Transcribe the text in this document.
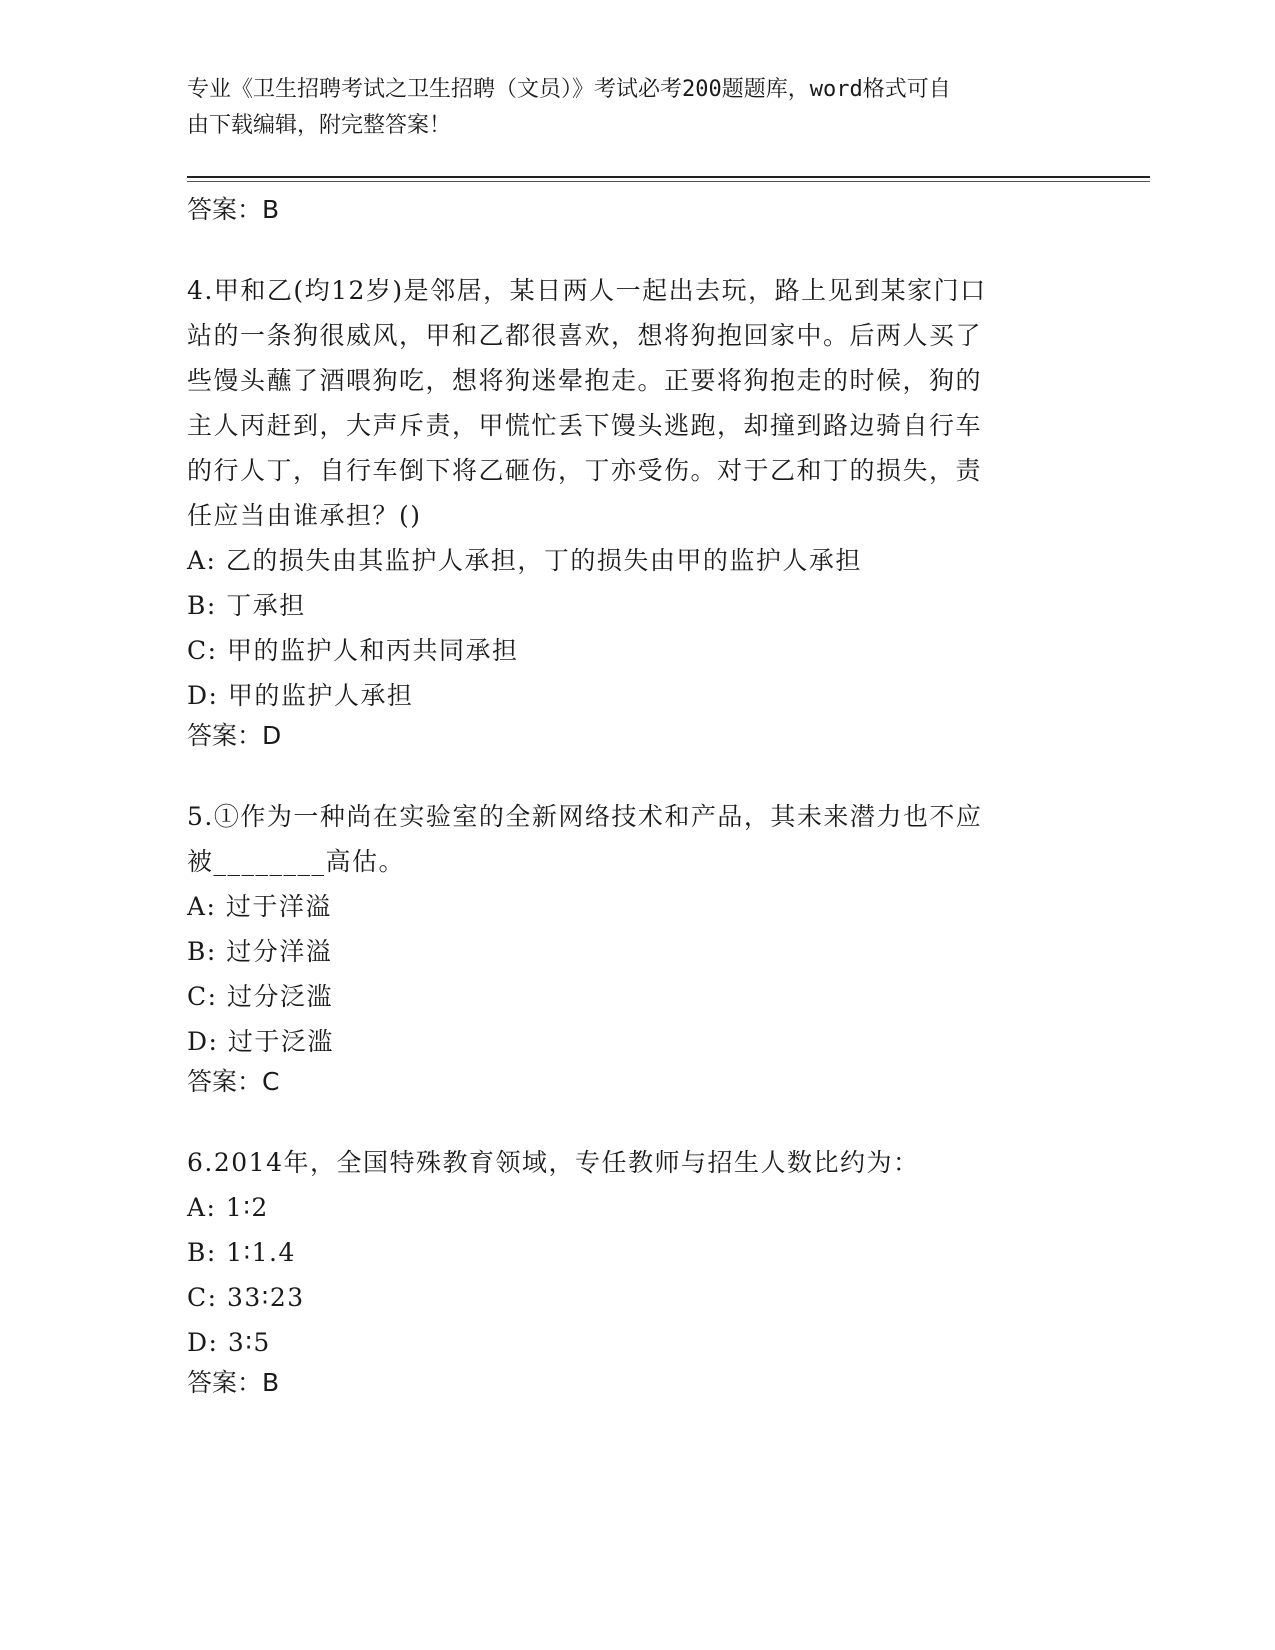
专业《卫生招聘考试之卫生招聘（文员）》考试必考200题题库，word格式可自
由下载编辑，附完整答案！
答案：B
4.甲和乙(均12岁)是邻居，某日两人一起出去玩，路上见到某家门口
站的一条狗很威风，甲和乙都很喜欢，想将狗抱回家中。后两人买了
些馒头蘸了酒喂狗吃，想将狗迷晕抱走。正要将狗抱走的时候，狗的
主人丙赶到，大声斥责，甲慌忙丢下馒头逃跑，却撞到路边骑自行车
的行人丁，自行车倒下将乙砸伤，丁亦受伤。对于乙和丁的损失，责
任应当由谁承担？()
A: 乙的损失由其监护人承担，丁的损失由甲的监护人承担
B: 丁承担
C: 甲的监护人和丙共同承担
D: 甲的监护人承担
答案：D
5.①作为一种尚在实验室的全新网络技术和产品，其未来潜力也不应
被________高估。
A: 过于洋溢
B: 过分洋溢
C: 过分泛滥
D: 过于泛滥
答案：C
6.2014年，全国特殊教育领域，专任教师与招生人数比约为：
A: 1∶2
B: 1∶1.4
C: 33∶23
D: 3∶5
答案：B
